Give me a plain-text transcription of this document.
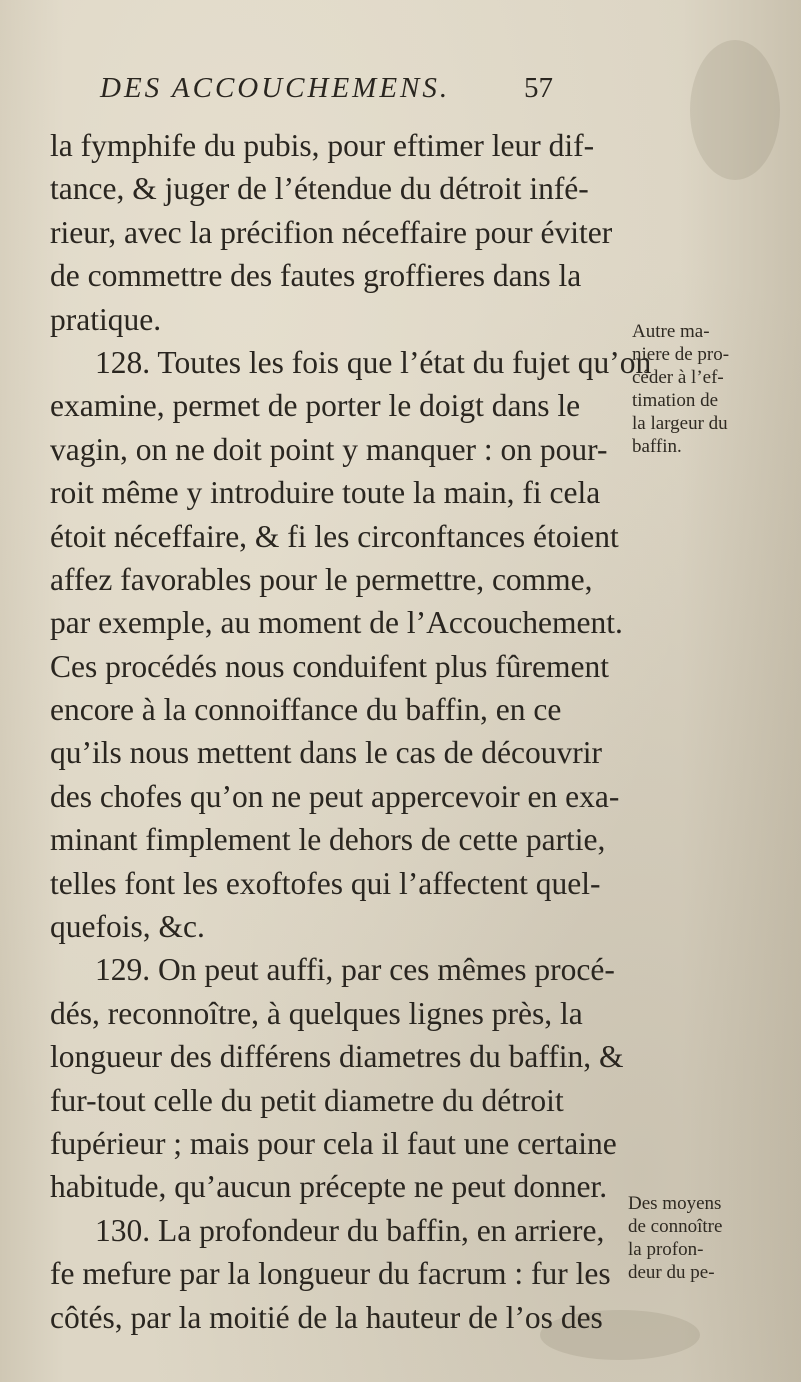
DES ACCOUCHEMENS.	57
la fymphife du pubis, pour eftimer leur dif-
tance, & juger de l’étendue du détroit infé-
rieur, avec la précifion néceffaire pour éviter
de commettre des fautes groffieres dans la
pratique.
128. Toutes les fois que l’état du fujet qu’on
examine, permet de porter le doigt dans le
vagin, on ne doit point y manquer : on pour-
roit même y introduire toute la main, fi cela
étoit néceffaire, & fi les circonftances étoient
affez favorables pour le permettre, comme,
par exemple, au moment de l’Accouchement.
Ces procédés nous conduifent plus fûrement
encore à la connoiffance du baffin, en ce
qu’ils nous mettent dans le cas de découvrir
des chofes qu’on ne peut appercevoir en exa-
minant fimplement le dehors de cette partie,
telles font les exoftofes qui l’affectent quel-
quefois, &c.
129. On peut auffi, par ces mêmes procé-
dés, reconnoître, à quelques lignes près, la
longueur des différens diametres du baffin, &
fur-tout celle du petit diametre du détroit
fupérieur ; mais pour cela il faut une certaine
habitude, qu’aucun précepte ne peut donner.
130. La profondeur du baffin, en arriere,
fe mefure par la longueur du facrum : fur les
côtés, par la moitié de la hauteur de l’os des
Autre ma-
niere de pro-
céder à l’ef-
timation de
la largeur du
baffin.
Des moyens
de connoître
la profon-
deur du pe-
